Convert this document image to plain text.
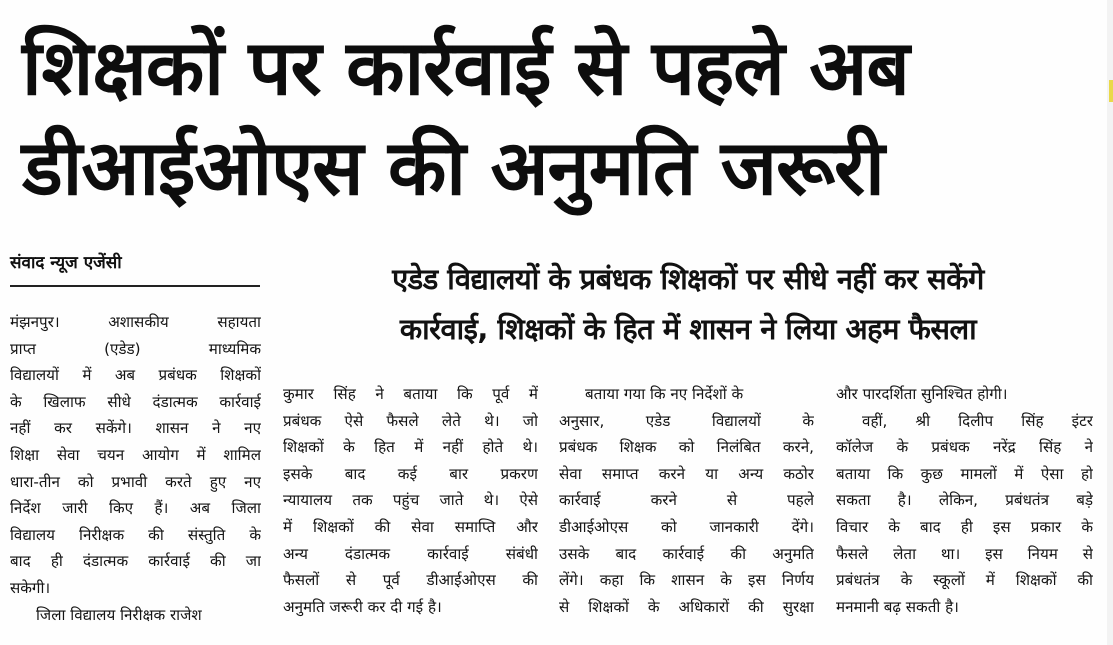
शिक्षकों पर कार्रवाई से पहले अब
डीआईओएस की अनुमति जरूरी
संवाद न्यूज एजेंसी	एडेड विद्यालयों के प्रबंधक शिक्षकों पर सीधे नहीं कर सकेंगे
कार्रवाई, शिक्षकों के हित में शासन ने लिया अहम फैसला
मंझनपुर। अशासकीय सहायता
प्राप्त (एडेड) माध्यमिक
विद्यालयों में अब प्रबंधक शिक्षकों
के खिलाफ सीधे दंडात्मक कार्रवाई
नहीं कर सकेंगे। शासन ने नए
शिक्षा सेवा चयन आयोग में शामिल
धारा-तीन को प्रभावी करते हुए नए
निर्देश जारी किए हैं। अब जिला
विद्यालय निरीक्षक की संस्तुति के
बाद ही दंडात्मक कार्रवाई की जा
सकेगी।
जिला विद्यालय निरीक्षक राजेश
कुमार सिंह ने बताया कि पूर्व में
प्रबंधक ऐसे फैसले लेते थे। जो
शिक्षकों के हित में नहीं होते थे।
इसके बाद कई बार प्रकरण
न्यायालय तक पहुंच जाते थे। ऐसे
में शिक्षकों की सेवा समाप्ति और
अन्य दंडात्मक कार्रवाई संबंधी
फैसलों से पूर्व डीआईओएस की
अनुमति जरूरी कर दी गई है।
बताया गया कि नए निर्देशों के
अनुसार, एडेड विद्यालयों के
प्रबंधक शिक्षक को निलंबित करने,
सेवा समाप्त करने या अन्य कठोर
कार्रवाई करने से पहले
डीआईओएस को जानकारी देंगे।
उसके बाद कार्रवाई की अनुमति
लेंगे। कहा कि शासन के इस निर्णय
से शिक्षकों के अधिकारों की सुरक्षा
और पारदर्शिता सुनिश्चित होगी।
वहीं, श्री दिलीप सिंह इंटर
कॉलेज के प्रबंधक नरेंद्र सिंह ने
बताया कि कुछ मामलों में ऐसा हो
सकता है। लेकिन, प्रबंधतंत्र बड़े
विचार के बाद ही इस प्रकार के
फैसले लेता था। इस नियम से
प्रबंधतंत्र के स्कूलों में शिक्षकों की
मनमानी बढ़ सकती है।
